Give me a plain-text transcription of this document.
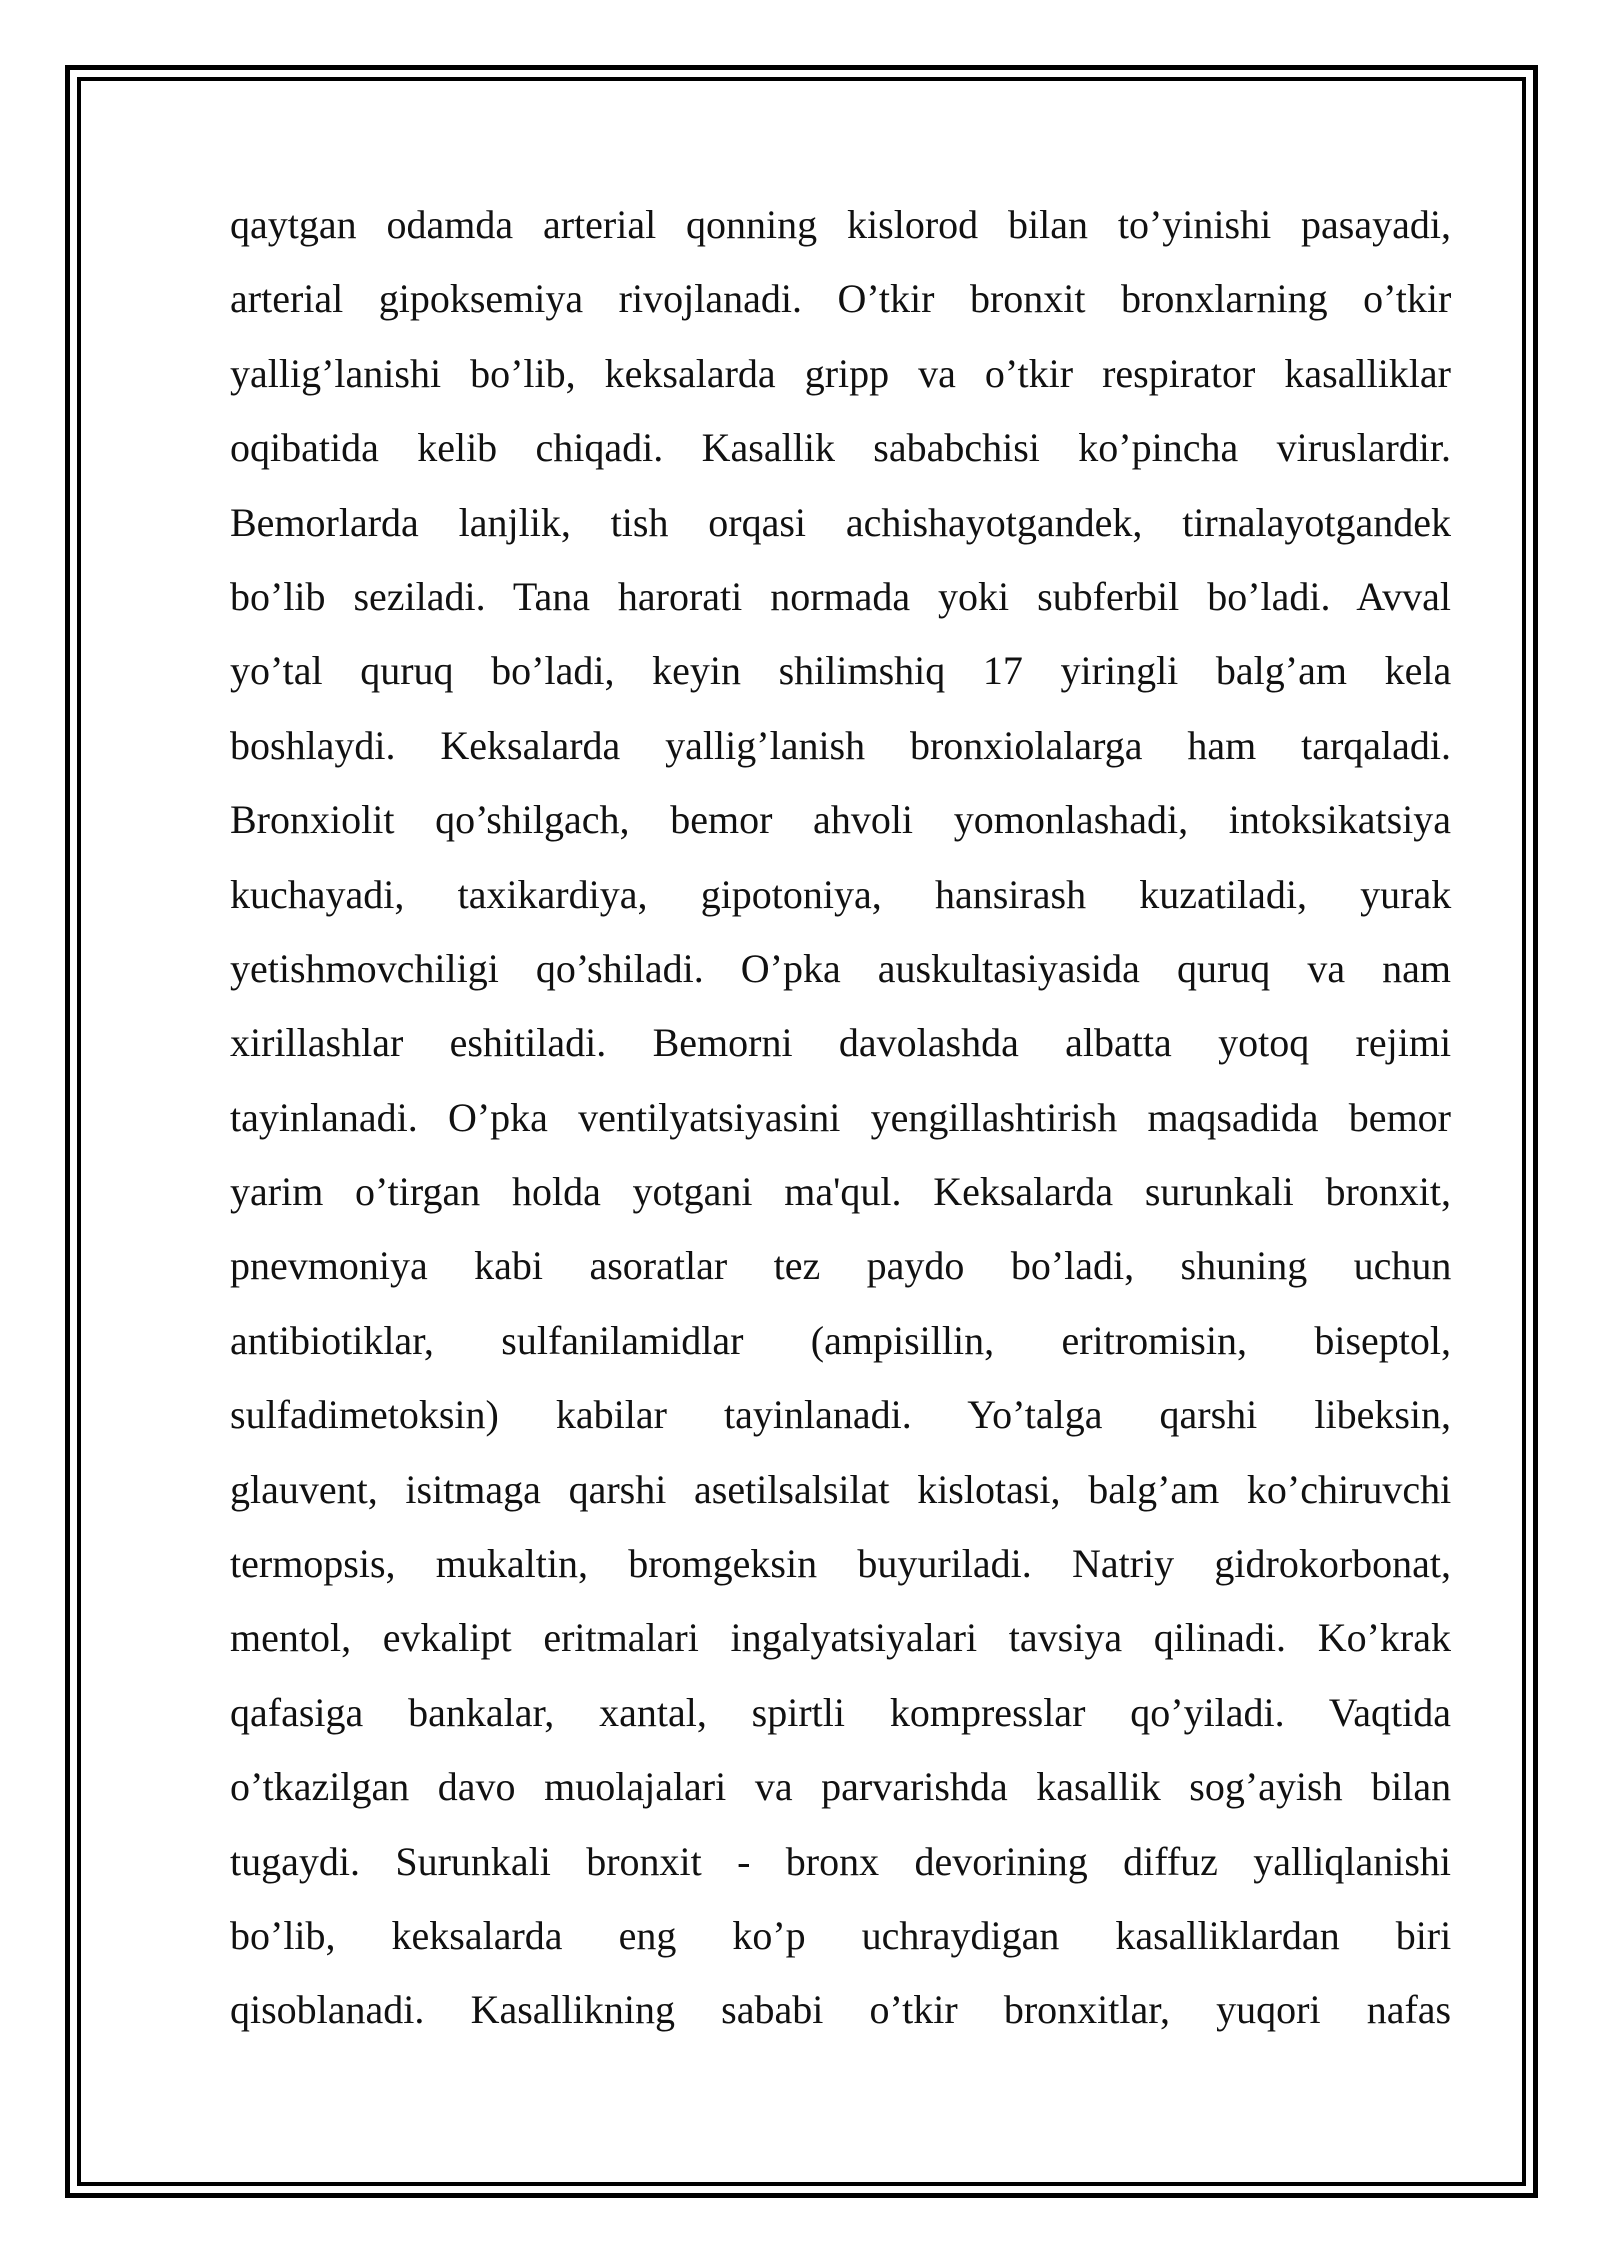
qaytgan odamda arterial qonning kislorod bilan to’yinishi pasayadi,
arterial gipoksemiya rivojlanadi. O’tkir bronxit bronxlarning o’tkir
yallig’lanishi bo’lib, keksalarda gripp va o’tkir respirator kasalliklar
oqibatida kelib chiqadi. Kasallik sababchisi ko’pincha viruslardir.
Bemorlarda lanjlik, tish orqasi achishayotgandek, tirnalayotgandek
bo’lib seziladi. Tana harorati normada yoki subferbil bo’ladi. Avval
yo’tal quruq bo’ladi, keyin shilimshiq 17 yiringli balg’am kela
boshlaydi. Keksalarda yallig’lanish bronxiolalarga ham tarqaladi.
Bronxiolit qo’shilgach, bemor ahvoli yomonlashadi, intoksikatsiya
kuchayadi, taxikardiya, gipotoniya, hansirash kuzatiladi, yurak
yetishmovchiligi qo’shiladi. O’pka auskultasiyasida quruq va nam
xirillashlar eshitiladi. Bemorni davolashda albatta yotoq rejimi
tayinlanadi. O’pka ventilyatsiyasini yengillashtirish maqsadida bemor
yarim o’tirgan holda yotgani ma'qul. Keksalarda surunkali bronxit,
pnevmoniya kabi asoratlar tez paydo bo’ladi, shuning uchun
antibiotiklar, sulfanilamidlar (ampisillin, eritromisin, biseptol,
sulfadimetoksin) kabilar tayinlanadi. Yo’talga qarshi libeksin,
glauvent, isitmaga qarshi asetilsalsilat kislotasi, balg’am ko’chiruvchi
termopsis, mukaltin, bromgeksin buyuriladi. Natriy gidrokorbonat,
mentol, evkalipt eritmalari ingalyatsiyalari tavsiya qilinadi. Ko’krak
qafasiga bankalar, xantal, spirtli kompresslar qo’yiladi. Vaqtida
o’tkazilgan davo muolajalari va parvarishda kasallik sog’ayish bilan
tugaydi. Surunkali bronxit - bronx devorining diffuz yalliqlanishi
bo’lib, keksalarda eng ko’p uchraydigan kasalliklardan biri
qisoblanadi. Kasallikning sababi o’tkir bronxitlar, yuqori nafas
